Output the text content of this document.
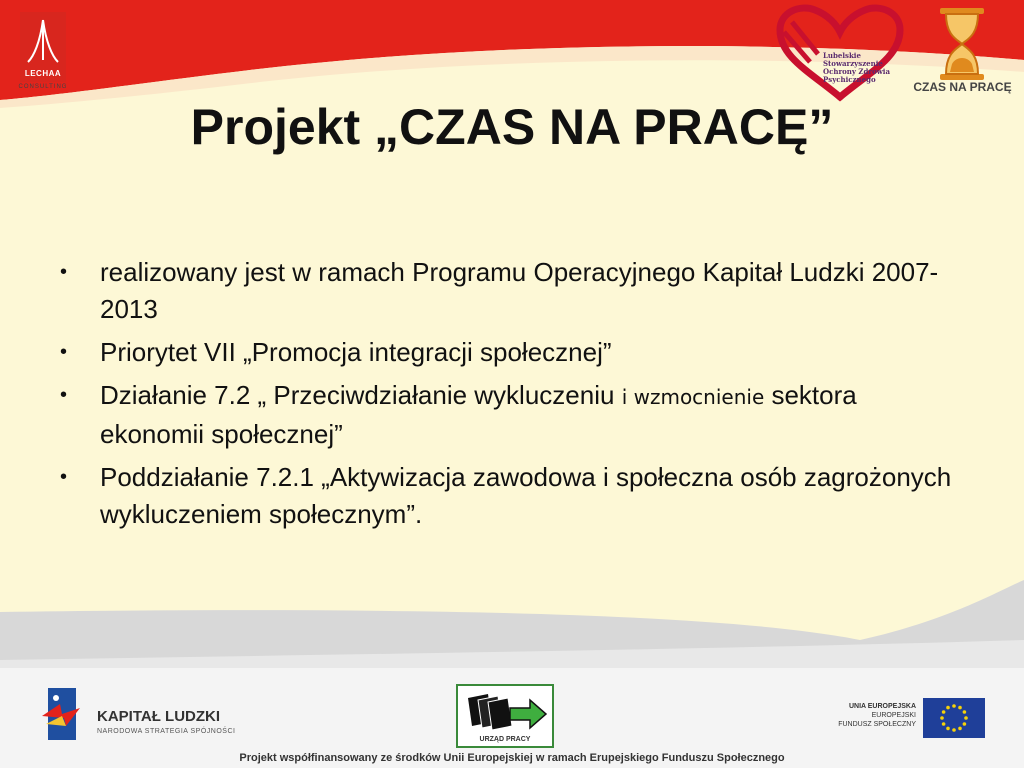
LECHAA
CONSULTING
Lubelskie Stowarzyszenie Ochrony Zdrowia Psychicznego
CZAS NA PRACĘ
Projekt „CZAS NA PRACĘ”
• realizowany jest w ramach Programu Operacyjnego Kapitał Ludzki 2007-2013
• Priorytet VII „Promocja integracji społecznej”
• Działanie 7.2 „ Przeciwdziałanie wykluczeniu i wzmocnienie sektora ekonomii społecznej”
• Poddziałanie 7.2.1 „Aktywizacja zawodowa i społeczna osób zagrożonych wykluczeniem społecznym”.
KAPITAŁ LUDZKI
NARODOWA STRATEGIA SPÓJNOŚCI
URZĄD PRACY
UNIA EUROPEJSKA
EUROPEJSKI
FUNDUSZ SPOŁECZNY
Projekt współfinansowany ze środków Unii Europejskiej w ramach Erupejskiego Funduszu Społecznego
